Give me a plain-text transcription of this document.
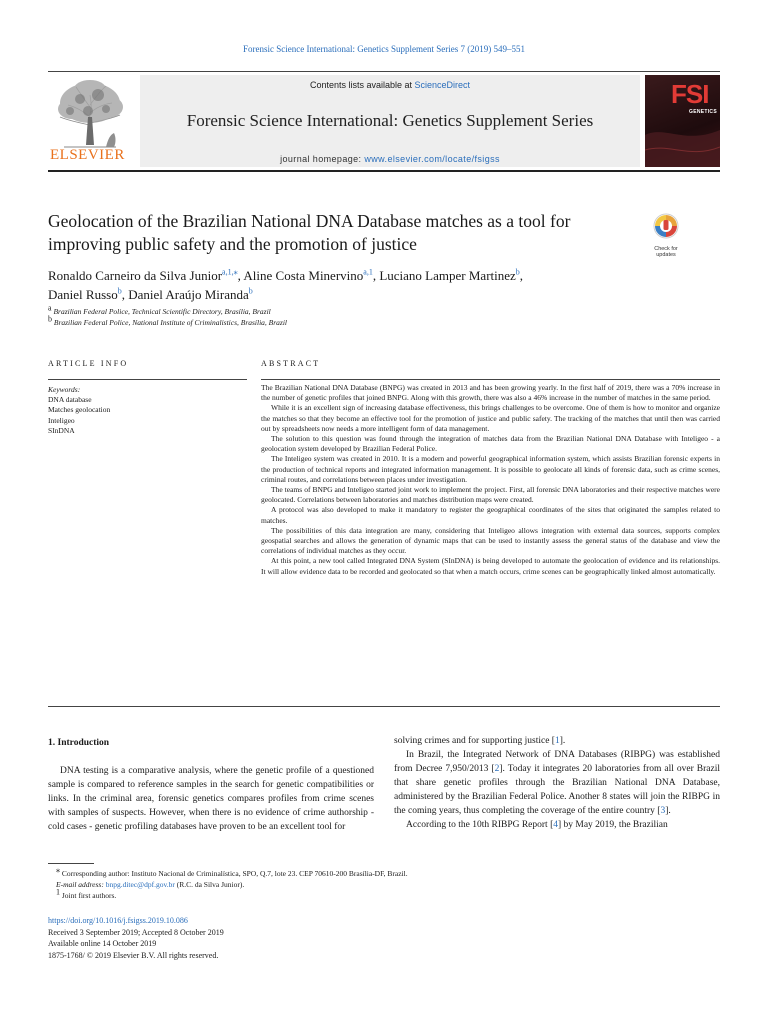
Forensic Science International: Genetics Supplement Series 7 (2019) 549–551
ELSEVIER
Contents lists available at ScienceDirect
Forensic Science International: Genetics Supplement Series
journal homepage: www.elsevier.com/locate/fsigss
FSI
GENETICS
Geolocation of the Brazilian National DNA Database matches as a tool for improving public safety and the promotion of justice	Check for
updates
Ronaldo Carneiro da Silva Junior$^{a,1,⁎}$, Aline Costa Minervino$^{a,1}$, Luciano Lamper Martinez$^b$,
Daniel Russo$^b$, Daniel Araújo Miranda$^b$
$^a$ Brazilian Federal Police, Technical Scientific Directory, Brasília, Brazil
$^b$ Brazilian Federal Police, National Institute of Criminalistics, Brasília, Brazil
ARTICLE INFO	ABSTRACT
Keywords:
DNA database
Matches geolocation
Inteligeo
SInDNA

The Brazilian National DNA Database (BNPG) was created in 2013 and has been growing yearly. In the first half of 2019, there was a 70% increase in the number of genetic profiles that joined BNPG. Along with this growth, there was also a 46% increase in the number of matches in the same period.

While it is an excellent sign of increasing database effectiveness, this brings challenges to be overcome. One of them is how to monitor and organize the matches so that they become an effective tool for the promotion of justice and public safety. The tracking of the matches that until then was carried out by spreadsheets now needs a more intelligent form of data management.

The solution to this question was found through the integration of matches data from the Brazilian National DNA Database with Inteligeo - a geolocation system developed by Brazilian Federal Police.

The Inteligeo system was created in 2010. It is a modern and powerful geographical information system, which assists Brazilian forensic experts in the production of technical reports and integrated information management. It is possible to geolocate all kinds of forensic data, such as crime scenes, criminal routes, and correlations between places under investigation.

The teams of BNPG and Inteligeo started joint work to implement the project. First, all forensic DNA laboratories and their respective matches were geolocated. Correlations between laboratories and matches distribution maps were created.

A protocol was also developed to make it mandatory to register the geographical coordinates of the sites that originated the samples related to matches.

The possibilities of this data integration are many, considering that Inteligeo allows integration with external data sources, supports complex geospatial searches and allows the generation of dynamic maps that can be used to instantly assess the general status of the database and view the correlations of individual matches as they occur.

At this point, a new tool called Integrated DNA System (SInDNA) is being developed to automate the geolocation of evidence and its relationships. It will allow evidence data to be recorded and geolocated so that when a match occurs, crime scenes can be geographically linked almost automatically.

1. Introduction

DNA testing is a comparative analysis, where the genetic profile of a questioned sample is compared to reference samples in the search for genetic compatibilities or links. In the criminal area, forensic genetics compares profiles from crime scenes with samples of suspects. However, when there is no evidence of crime authorship - cold cases - genetic profiling databases have proven to be an excellent tool for

solving crimes and for supporting justice [1].

In Brazil, the Integrated Network of DNA Databases (RIBPG) was established from Decree 7,950/2013 [2]. Today it integrates 20 laboratories from all over Brazil that share genetic profiles through the Brazilian National DNA Database, administered by the Brazilian Federal Police. Another 8 states will join the RIBPG in the coming years, thus completing the coverage of the entire country [3].

According to the 10th RIBPG Report [4] by May 2019, the Brazilian

⁎ Corresponding author: Instituto Nacional de Criminalística, SPO, Q.7, lote 23. CEP 70610-200 Brasília-DF, Brazil.
E-mail address: bnpg.ditec@dpf.gov.br (R.C. da Silva Junior).
$^1$ Joint first authors.
https://doi.org/10.1016/j.fsigss.2019.10.086
Received 3 September 2019; Accepted 8 October 2019
Available online 14 October 2019
1875-1768/ © 2019 Elsevier B.V. All rights reserved.
